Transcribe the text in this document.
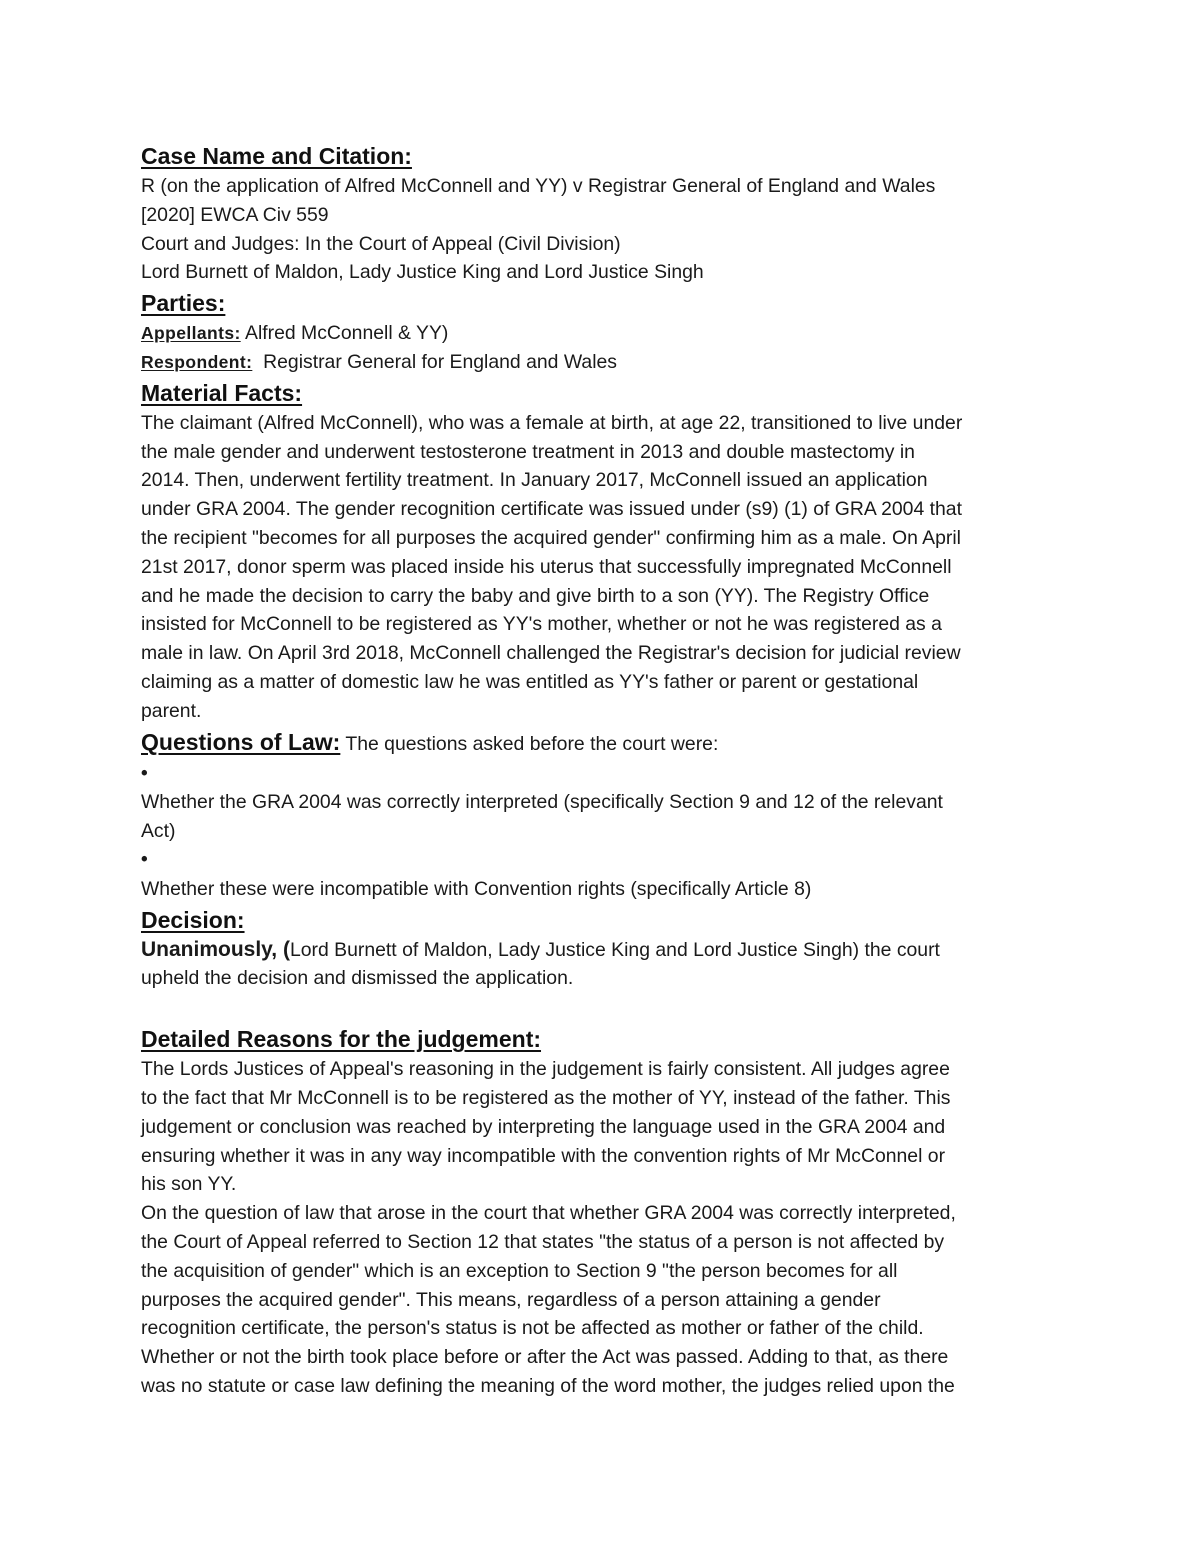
Case Name and Citation:

R (on the application of Alfred McConnell and YY) v Registrar General of England and Wales

[2020] EWCA Civ 559

Court and Judges: In the Court of Appeal (Civil Division)

Lord Burnett of Maldon, Lady Justice King and Lord Justice Singh

Parties:

Appellants: Alfred McConnell & YY)

Respondent:  Registrar General for England and Wales

Material Facts:

The claimant (Alfred McConnell), who was a female at birth, at age 22, transitioned to live under

the male gender and underwent testosterone treatment in 2013 and double mastectomy in

2014. Then, underwent fertility treatment. In January 2017, McConnell issued an application

under GRA 2004. The gender recognition certificate was issued under (s9) (1) of GRA 2004 that

the recipient "becomes for all purposes the acquired gender" confirming him as a male. On April

21st 2017, donor sperm was placed inside his uterus that successfully impregnated McConnell

and he made the decision to carry the baby and give birth to a son (YY). The Registry Office

insisted for McConnell to be registered as YY's mother, whether or not he was registered as a

male in law. On April 3rd 2018, McConnell challenged the Registrar's decision for judicial review

claiming as a matter of domestic law he was entitled as YY's father or parent or gestational

parent.

Questions of Law: The questions asked before the court were:

•

Whether the GRA 2004 was correctly interpreted (specifically Section 9 and 12 of the relevant

Act)

•

Whether these were incompatible with Convention rights (specifically Article 8)

Decision:

Unanimously, (Lord Burnett of Maldon, Lady Justice King and Lord Justice Singh) the court

upheld the decision and dismissed the application.

Detailed Reasons for the judgement:

The Lords Justices of Appeal's reasoning in the judgement is fairly consistent. All judges agree

to the fact that Mr McConnell is to be registered as the mother of YY, instead of the father. This

judgement or conclusion was reached by interpreting the language used in the GRA 2004 and

ensuring whether it was in any way incompatible with the convention rights of Mr McConnel or

his son YY.

On the question of law that arose in the court that whether GRA 2004 was correctly interpreted,

the Court of Appeal referred to Section 12 that states "the status of a person is not affected by

the acquisition of gender" which is an exception to Section 9 "the person becomes for all

purposes the acquired gender". This means, regardless of a person attaining a gender

recognition certificate, the person's status is not be affected as mother or father of the child.

Whether or not the birth took place before or after the Act was passed. Adding to that, as there

was no statute or case law defining the meaning of the word mother, the judges relied upon the
